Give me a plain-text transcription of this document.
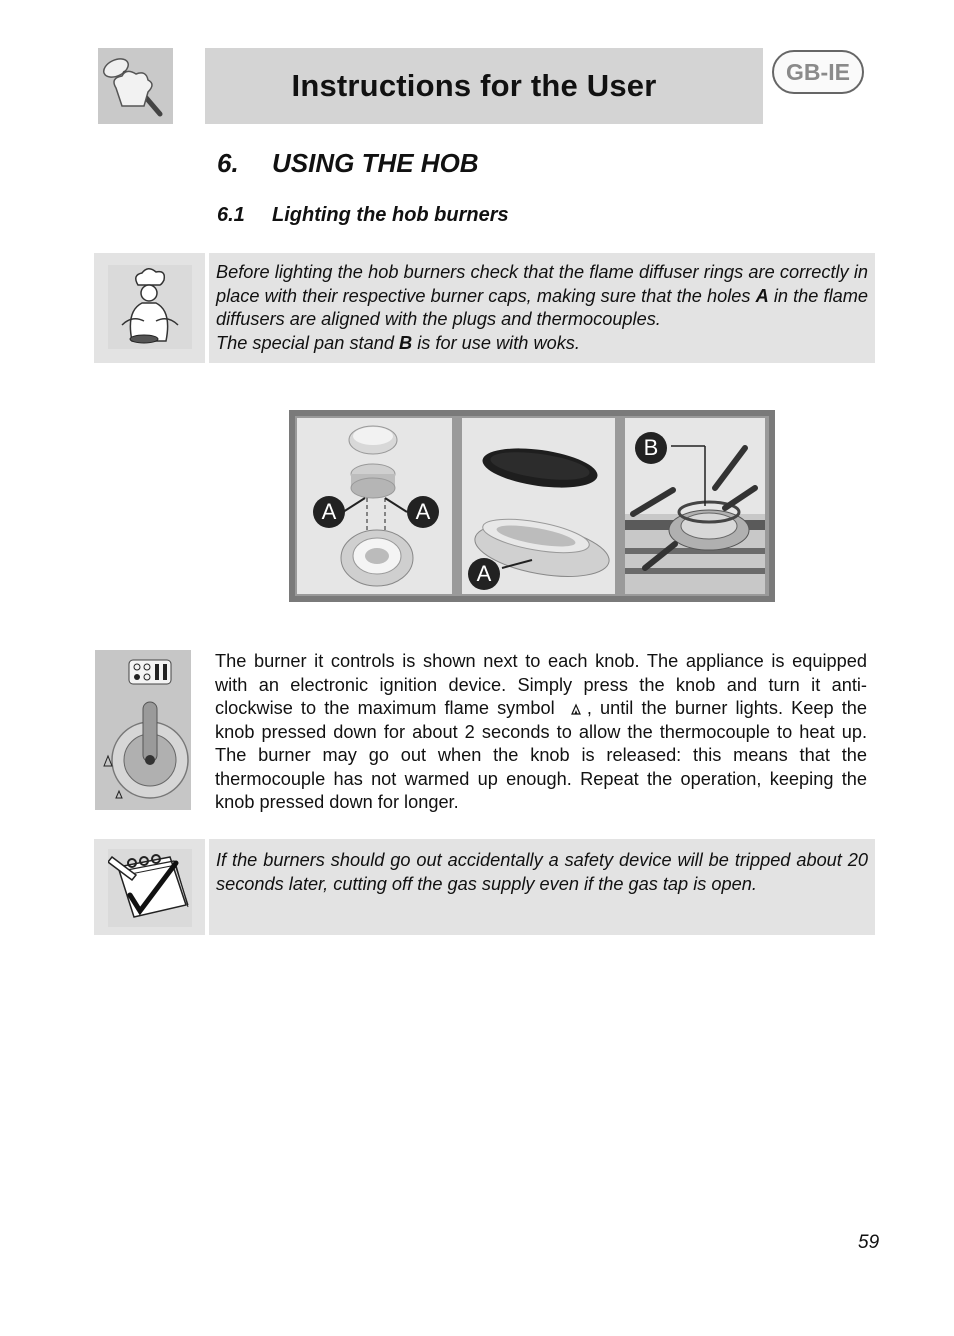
Instructions for the User	GB-IE
6. USING THE HOB
6.1 Lighting the hob burners
Before lighting the hob burners check that the flame diffuser rings are correctly in place with their respective burner caps, making sure that the holes A in the flame diffusers are aligned with the plugs and thermocouples.
The special pan stand B is for use with woks.
A	A
A
B
The burner it controls is shown next to each knob. The appliance is equipped with an electronic ignition device. Simply press the knob and turn it anti-clockwise to the maximum flame symbol , until the burner lights. Keep the knob pressed down for about 2 seconds to allow the thermocouple to heat up. The burner may go out when the knob is released: this means that the thermocouple has not warmed up enough. Repeat the operation, keeping the knob pressed down for longer.
If the burners should go out accidentally a safety device will be tripped about 20 seconds later, cutting off the gas supply even if the gas tap is open.
59
